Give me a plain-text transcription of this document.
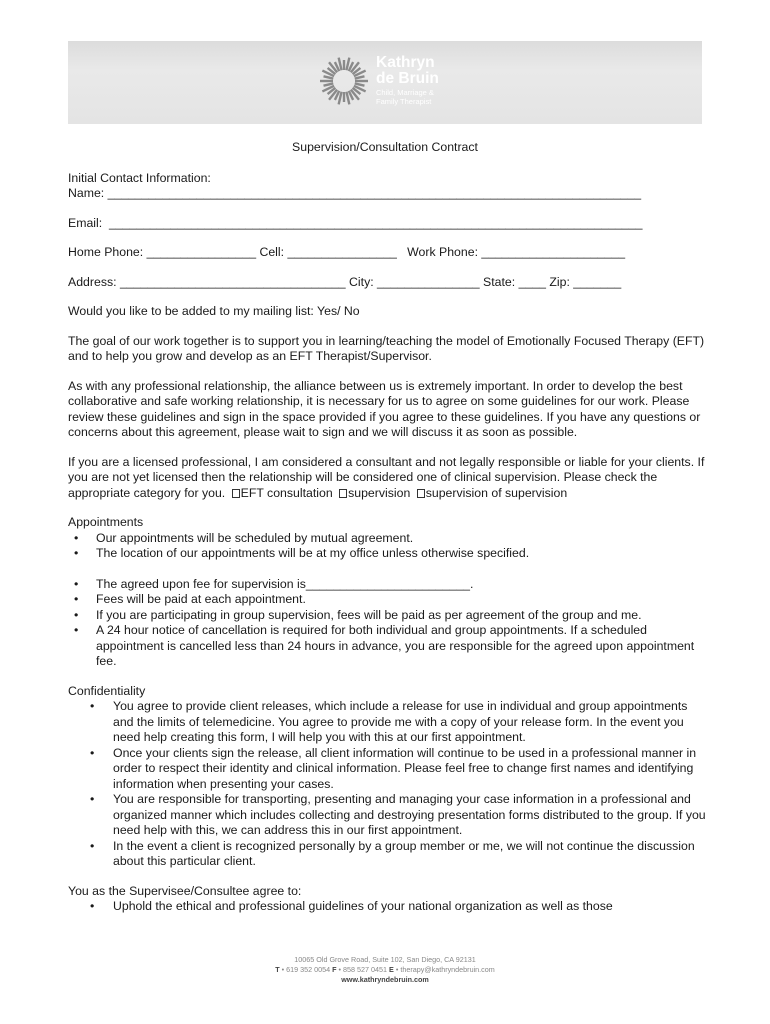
Kathryn
de Bruin
Child, Marriage &
Family Therapist

Supervision/Consultation Contract

Initial Contact Information:

Name: ______________________________________________________________________________

Email:  ______________________________________________________________________________

Home Phone: ________________ Cell: ________________   Work Phone: _____________________

Address: _________________________________ City: _______________ State: ____ Zip: _______

Would you like to be added to my mailing list: Yes/ No

The goal of our work together is to support you in learning/teaching the model of Emotionally Focused Therapy (EFT) and to help you grow and develop as an EFT Therapist/Supervisor.

As with any professional relationship, the alliance between us is extremely important. In order to develop the best collaborative and safe working relationship, it is necessary for us to agree on some guidelines for our work. Please review these guidelines and sign in the space provided if you agree to these guidelines. If you have any questions or concerns about this agreement, please wait to sign and we will discuss it as soon as possible.

If you are a licensed professional, I am considered a consultant and not legally responsible or liable for your clients. If you are not yet licensed then the relationship will be considered one of clinical supervision. Please check the appropriate category for you. EFT consultation supervision supervision of supervision

Appointments

• Our appointments will be scheduled by mutual agreement.
• The location of our appointments will be at my office unless otherwise specified.
• The agreed upon fee for supervision is________________________.
• Fees will be paid at each appointment.
• If you are participating in group supervision, fees will be paid as per agreement of the group and me.
• A 24 hour notice of cancellation is required for both individual and group appointments. If a scheduled appointment is cancelled less than 24 hours in advance, you are responsible for the agreed upon appointment fee.

Confidentiality

• You agree to provide client releases, which include a release for use in individual and group appointments and the limits of telemedicine. You agree to provide me with a copy of your release form. In the event you need help creating this form, I will help you with this at our first appointment.
• Once your clients sign the release, all client information will continue to be used in a professional manner in order to respect their identity and clinical information. Please feel free to change first names and identifying information when presenting your cases.
• You are responsible for transporting, presenting and managing your case information in a professional and organized manner which includes collecting and destroying presentation forms distributed to the group. If you need help with this, we can address this in our first appointment.
• In the event a client is recognized personally by a group member or me, we will not continue the discussion about this particular client.

You as the Supervisee/Consultee agree to:

• Uphold the ethical and professional guidelines of your national organization as well as those
10065 Old Grove Road, Suite 102, San Diego, CA 92131
T • 619 352 0054 F • 858 527 0451 E • therapy@kathryndebruin.com
www.kathryndebruin.com
